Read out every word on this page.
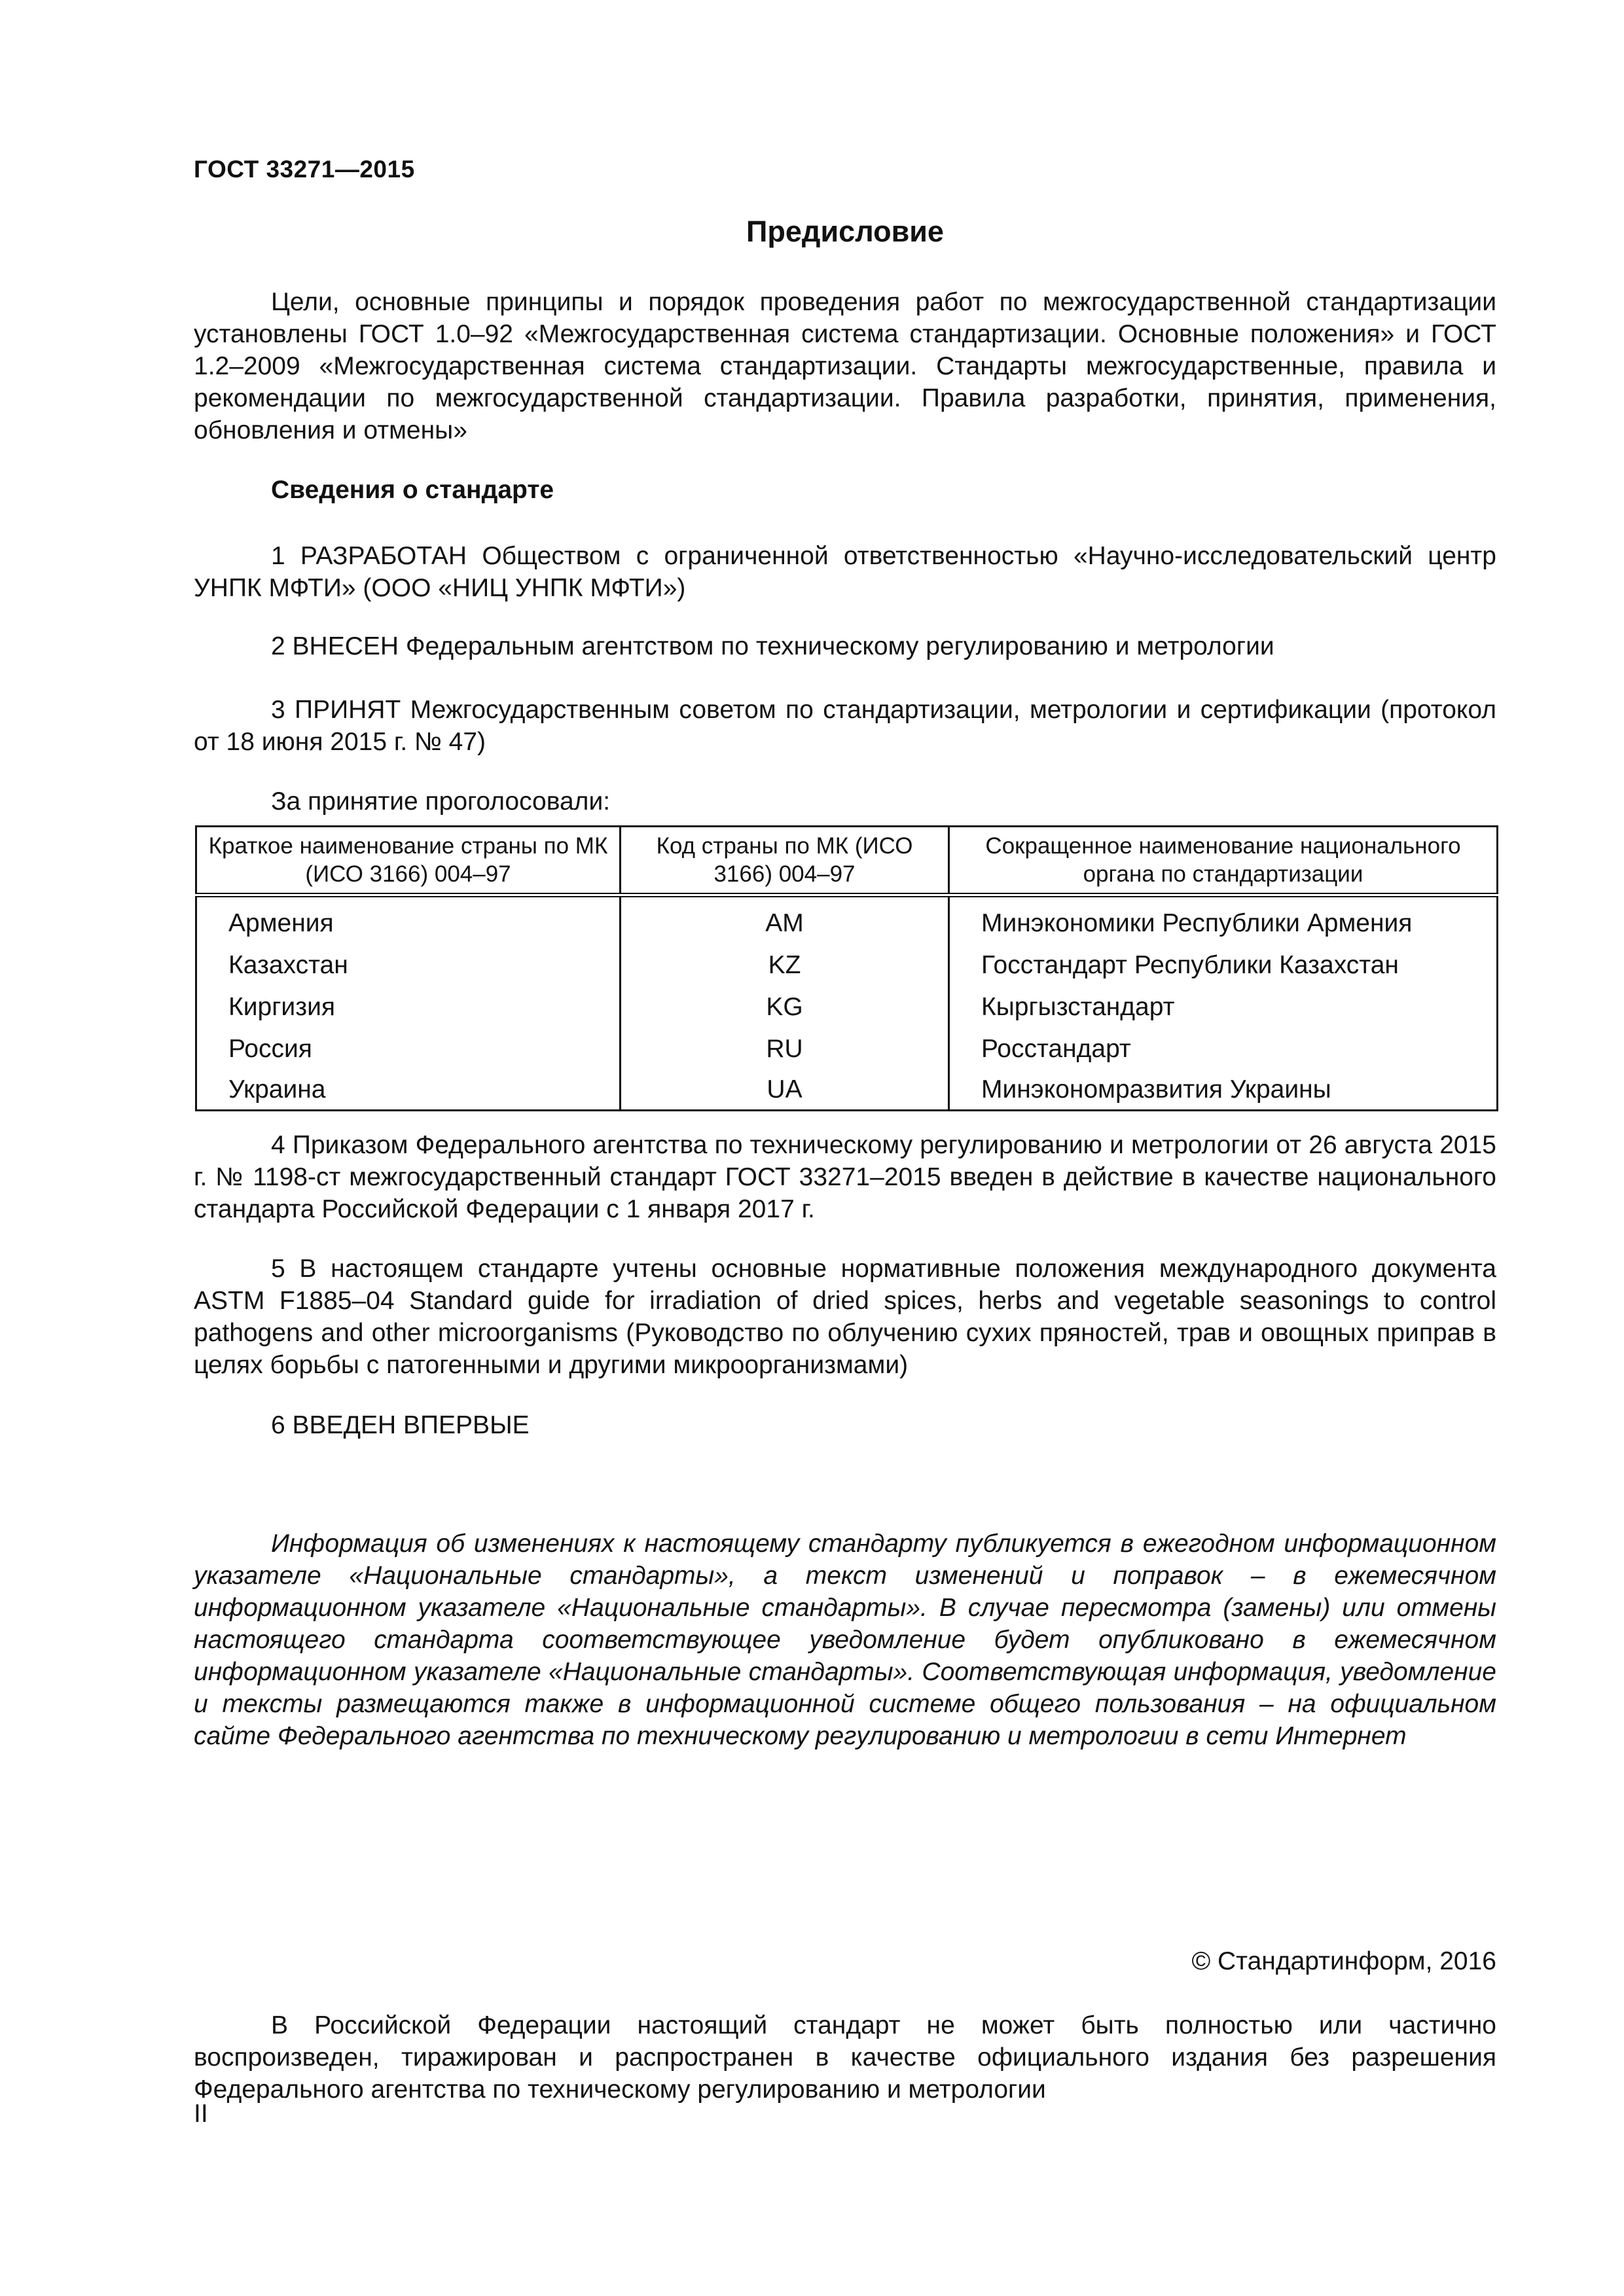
ГОСТ 33271—2015
Предисловие
Цели, основные принципы и порядок проведения работ по межгосударственной стандартизации установлены ГОСТ 1.0–92 «Межгосударственная система стандартизации. Основные положения» и ГОСТ 1.2–2009 «Межгосударственная система стандартизации. Стандарты межгосударственные, правила и рекомендации по межгосударственной стандартизации. Правила разработки, принятия, применения, обновления и отмены»
Сведения о стандарте
1 РАЗРАБОТАН Обществом с ограниченной ответственностью «Научно-исследовательский центр УНПК МФТИ» (ООО «НИЦ УНПК МФТИ»)
2 ВНЕСЕН Федеральным агентством по техническому регулированию и метрологии
3 ПРИНЯТ Межгосударственным советом по стандартизации, метрологии и сертификации (протокол от 18 июня 2015 г. № 47)
За принятие проголосовали:
Краткое наименование страны по МК (ИСО 3166) 004–97	Код страны по МК (ИСО 3166) 004–97	Сокращенное наименование национального органа по стандартизации
Армения	AM	Минэкономики Республики Армения
Казахстан	KZ	Госстандарт Республики Казахстан
Киргизия	KG	Кыргызстандарт
Россия	RU	Росстандарт
Украина	UA	Минэкономразвития Украины
4 Приказом Федерального агентства по техническому регулированию и метрологии от 26 августа 2015 г. № 1198-ст межгосударственный стандарт ГОСТ 33271–2015 введен в действие в качестве национального стандарта Российской Федерации с 1 января 2017 г.
5 В настоящем стандарте учтены основные нормативные положения международного документа ASTM F1885–04 Standard guide for irradiation of dried spices, herbs and vegetable seasonings to control pathogens and other microorganisms (Руководство по облучению сухих пряностей, трав и овощных приправ в целях борьбы с патогенными и другими микроорганизмами)
6 ВВЕДЕН ВПЕРВЫЕ
Информация об изменениях к настоящему стандарту публикуется в ежегодном информационном указателе «Национальные стандарты», а текст изменений и поправок – в ежемесячном информационном указателе «Национальные стандарты». В случае пересмотра (замены) или отмены настоящего стандарта соответствующее уведомление будет опубликовано в ежемесячном информационном указателе «Национальные стандарты». Соответствующая информация, уведомление и тексты размещаются также в информационной системе общего пользования – на официальном сайте Федерального агентства по техническому регулированию и метрологии в сети Интернет
© Стандартинформ, 2016
В Российской Федерации настоящий стандарт не может быть полностью или частично воспроизведен, тиражирован и распространен в качестве официального издания без разрешения Федерального агентства по техническому регулированию и метрологии
II
